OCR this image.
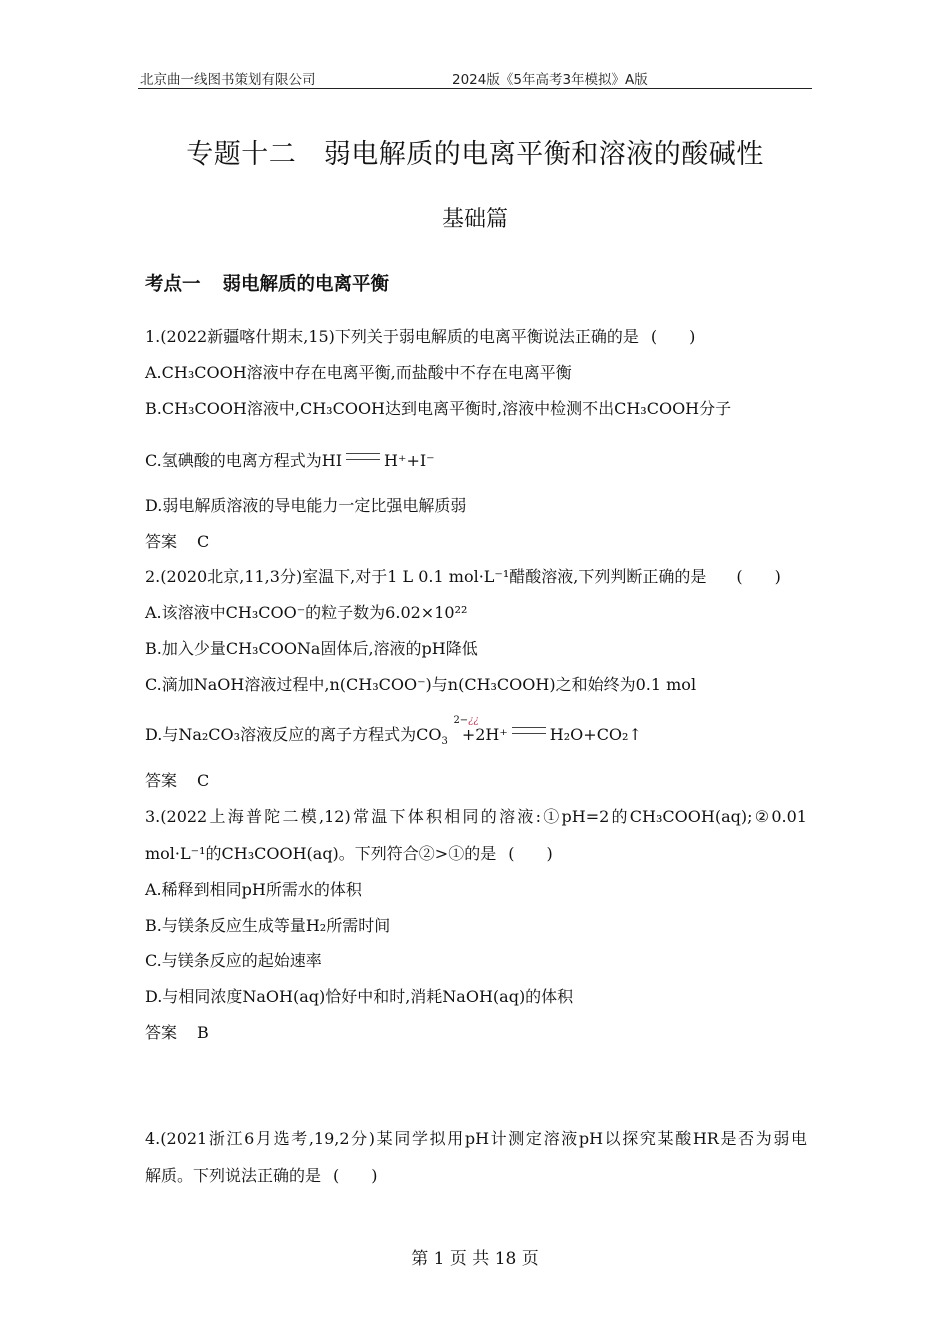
北京曲一线图书策划有限公司	2024版《5年高考3年模拟》A版
专题十二　弱电解质的电离平衡和溶液的酸碱性
基础篇
考点一 弱电解质的电离平衡
1.(2022新疆喀什期末,15)下列关于弱电解质的电离平衡说法正确的是 (　　)
A.CH₃COOH溶液中存在电离平衡,而盐酸中不存在电离平衡
B.CH₃COOH溶液中,CH₃COOH达到电离平衡时,溶液中检测不出CH₃COOH分子
C.氢碘酸的电离方程式为HI	H⁺+I⁻
D.弱电解质溶液的导电能力一定比强电解质弱
答案 C
2.(2020北京,11,3分)室温下,对于1 L 0.1 mol·L⁻¹醋酸溶液,下列判断正确的是 (　　)
A.该溶液中CH₃COO⁻的粒子数为6.02×10²²
B.加入少量CH₃COONa固体后,溶液的pH降低
C.滴加NaOH溶液过程中,n(CH₃COO⁻)与n(CH₃COOH)之和始终为0.1 mol
D.与Na₂CO₃溶液反应的离子方程式为CO
2−¿¿
$_3$ +2H⁺	H₂O+CO₂↑
答案 C
3.(2022上海普陀二模,12)常温下体积相同的溶液:①pH=2的CH₃COOH(aq);②0.01
mol·L⁻¹的CH₃COOH(aq)。下列符合②>①的是 (　　)
A.稀释到相同pH所需水的体积
B.与镁条反应生成等量H₂所需时间
C.与镁条反应的起始速率
D.与相同浓度NaOH(aq)恰好中和时,消耗NaOH(aq)的体积
答案 B
4.(2021浙江6月选考,19,2分)某同学拟用pH计测定溶液pH以探究某酸HR是否为弱电
解质。下列说法正确的是 (　　)
第 1 页 共 18 页
